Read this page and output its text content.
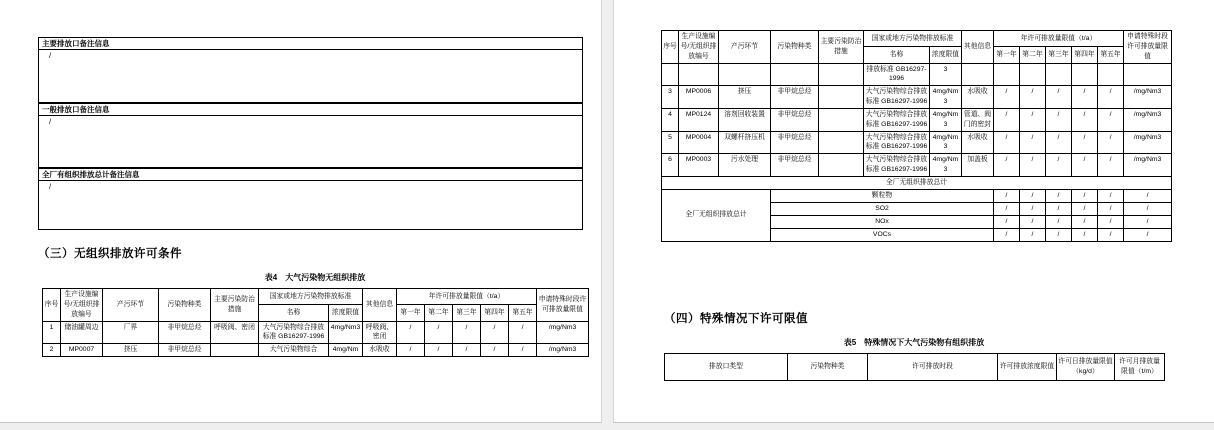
主要排放口备注信息
/
一般排放口备注信息
/
全厂有组织排放总计备注信息
/
（三）无组织排放许可条件
表4　大气污染物无组织排放
序号	生产设施编号/无组织排放编号	产污环节	污染物种类	主要污染防治措施	国家或地方污染物排放标准		其他信息	年许可排放量限值（t/a）					申请特殊时段许可排放量限值
					名称	浓度限值		第一年	第二年	第三年	第四年	第五年	
1	储油罐周边	厂界	非甲烷总烃	呼吸阀、密闭	大气污染物综合排放标准 GB16297-1996	4mg/Nm3	呼吸阀、密闭	/	/	/	/	/	/mg/Nm3
2	MP0007	挤压	非甲烷总烃		大气污染物综合	4mg/Nm	水吸收	/	/	/	/	/	/mg/Nm3
序号	生产设施编号/无组织排放编号	产污环节	污染物种类	主要污染防治措施	国家或地方污染物排放标准		其他信息	年许可排放量限值（t/a）					申请特殊时段许可排放量限值
					名称	浓度限值		第一年	第二年	第三年	第四年	第五年	
					排放标准 GB16297-1996	3							
3	MP0006	挤压	非甲烷总烃		大气污染物综合排放标准 GB16297-1996	4mg/Nm3	水吸收	/	/	/	/	/	/mg/Nm3
4	MP0124	溶剂回收装置	非甲烷总烃		大气污染物综合排放标准 GB16297-1996	4mg/Nm3	管道、阀门的密封	/	/	/	/	/	/mg/Nm3
5	MP0004	双螺杆挤压机	非甲烷总烃		大气污染物综合排放标准 GB16297-1996	4mg/Nm3	水吸收	/	/	/	/	/	/mg/Nm3
6	MP0003	污水处理	非甲烷总烃		大气污染物综合排放标准 GB16297-1996	4mg/Nm3	加盖板	/	/	/	/	/	/mg/Nm3
全厂无组织排放总计													
全厂无组织排放总计			颗粒物					/	/	/	/	/	/
			SO2					/	/	/	/	/	/
			NOx					/	/	/	/	/	/
			VOCs					/	/	/	/	/	/
（四）特殊情况下许可限值
表5　特殊情况下大气污染物有组织排放
排放口类型	污染物种类	许可排放时段	许可排放浓度限值	许可日排放量限值（kg/d）	许可月排放量限值（t/m）
